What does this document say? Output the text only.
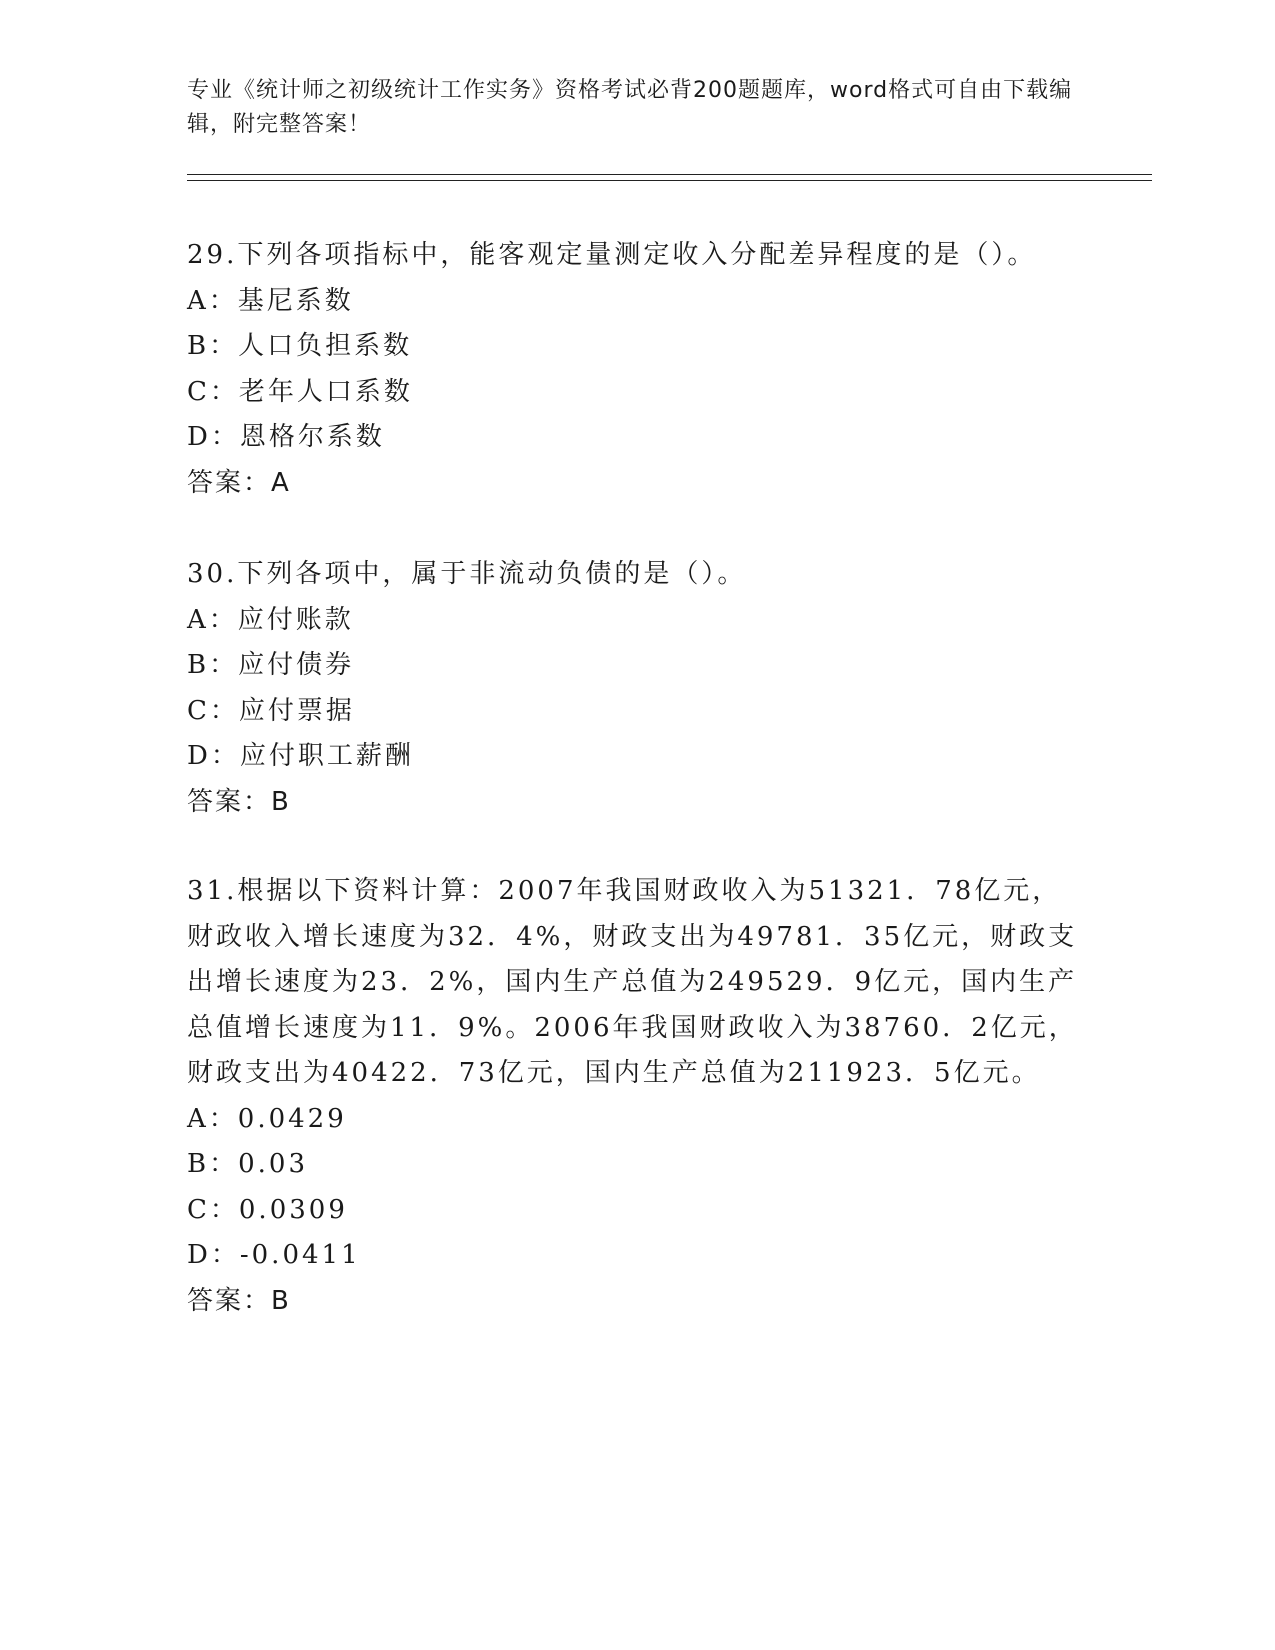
专业《统计师之初级统计工作实务》资格考试必背200题题库，word格式可自由下载编辑，附完整答案！

29.下列各项指标中，能客观定量测定收入分配差异程度的是（）。

A：基尼系数

B：人口负担系数

C：老年人口系数

D：恩格尔系数

答案：A

30.下列各项中，属于非流动负债的是（）。

A：应付账款

B：应付债券

C：应付票据

D：应付职工薪酬

答案：B

31.根据以下资料计算：2007年我国财政收入为51321．78亿元，财政收入增长速度为32．4%，财政支出为49781．35亿元，财政支出增长速度为23．2%，国内生产总值为249529．9亿元，国内生产总值增长速度为11．9%。2006年我国财政收入为38760．2亿元，财政支出为40422．73亿元，国内生产总值为211923．5亿元。

A：0.0429

B：0.03

C：0.0309

D：-0.0411

答案：B
